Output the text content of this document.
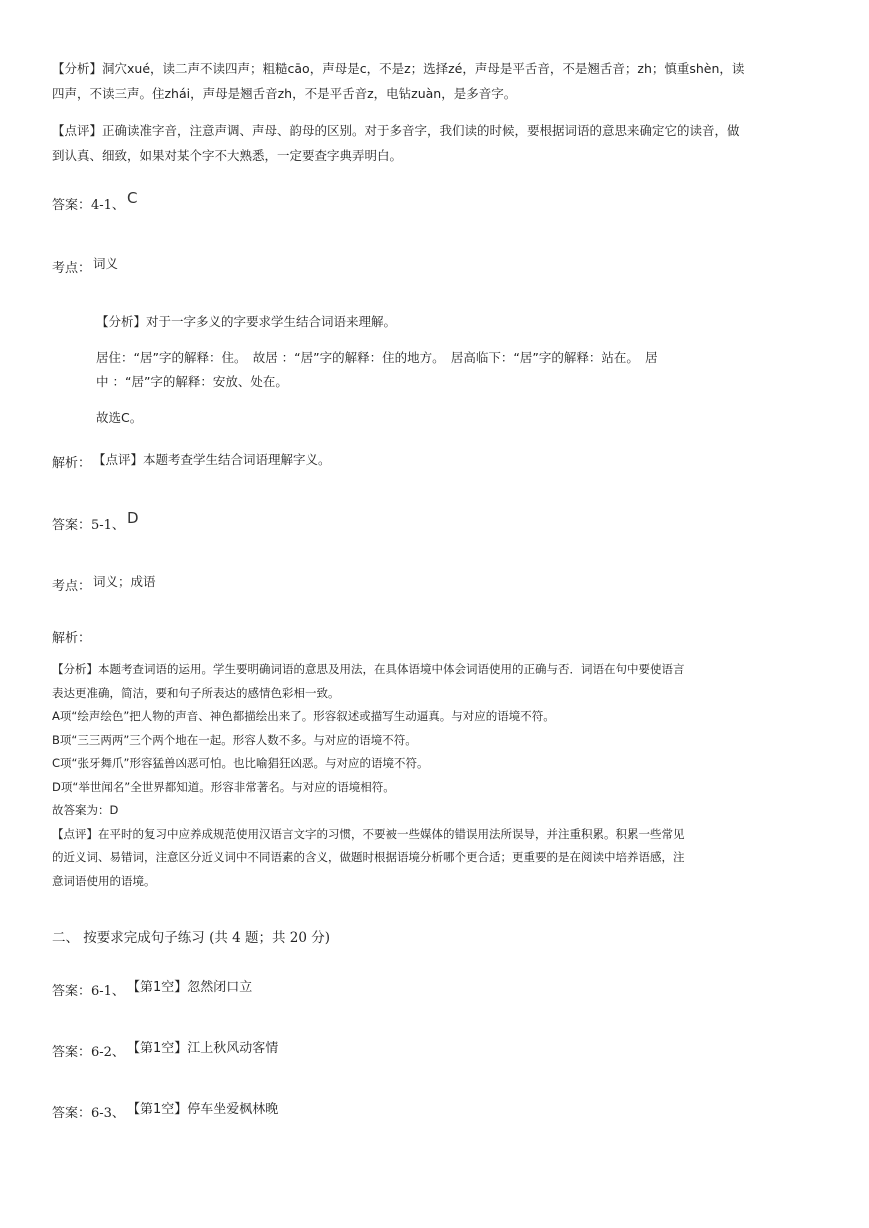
【分析】洞穴xué，读二声不读四声；粗糙cāo，声母是c，不是z；选择zé，声母是平舌音，不是翘舌音；zh；慎重shèn，读

四声，不读三声。住zhái，声母是翘舌音zh，不是平舌音z，电钻zuàn，是多音字。

【点评】正确读准字音，注意声调、声母、韵母的区别。对于多音字，我们读的时候，要根据词语的意思来确定它的读音，做

到认真、细致，如果对某个字不大熟悉，一定要查字典弄明白。

答案：4-1、 C
考点： 词义

【分析】对于一字多义的字要求学生结合词语来理解。

居住：“居”字的解释：住。　故居 ：“居”字的解释：住的地方。　居高临下：“居”字的解释：站在。　居

中 ：“居”字的解释：安放、处在。

故选C。

解析： 【点评】本题考查学生结合词语理解字义。
答案：5-1、 D
考点： 词义；成语
解析：

【分析】本题考查词语的运用。学生要明确词语的意思及用法，在具体语境中体会词语使用的正确与否．词语在句中要使语言

表达更准确，简洁，要和句子所表达的感情色彩相一致。

A项“绘声绘色”把人物的声音、神色都描绘出来了。形容叙述或描写生动逼真。与对应的语境不符。

B项“三三两两”三个两个地在一起。形容人数不多。与对应的语境不符。

C项“张牙舞爪”形容猛兽凶恶可怕。也比喻猖狂凶恶。与对应的语境不符。

D项“举世闻名”全世界都知道。形容非常著名。与对应的语境相符。

故答案为：D

【点评】在平时的复习中应养成规范使用汉语言文字的习惯，不要被一些媒体的错误用法所误导，并注重积累。积累一些常见

的近义词、易错词，注意区分近义词中不同语素的含义，做题时根据语境分析哪个更合适；更重要的是在阅读中培养语感，注

意词语使用的语境。

二、 按要求完成句子练习 (共 4 题；共 20 分)
答案：6-1、 【第1空】忽然闭口立
答案：6-2、 【第1空】江上秋风动客情
答案：6-3、 【第1空】停车坐爱枫林晚
